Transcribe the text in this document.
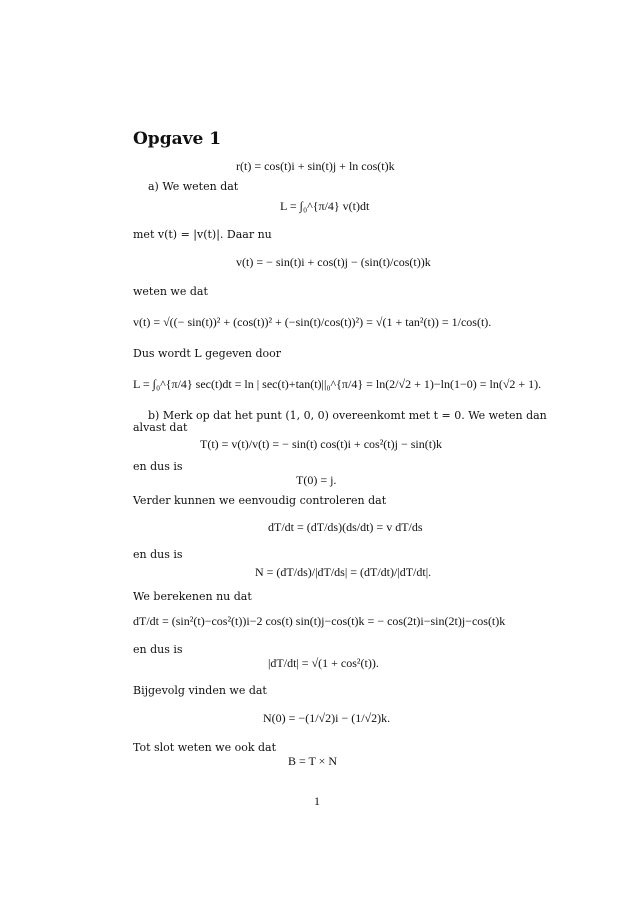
Opgave 1
r(t) = cos(t)i + sin(t)j + ln cos(t)k
a) We weten dat
L = ∫₀^{π/4} v(t)dt
met v(t) = |v(t)|. Daar nu
v(t) = − sin(t)i + cos(t)j − (sin(t)/cos(t))k
weten we dat
v(t) = √((− sin(t))² + (cos(t))² + (−sin(t)/cos(t))²) = √(1 + tan²(t)) = 1/cos(t).
Dus wordt L gegeven door
L = ∫₀^{π/4} sec(t)dt = ln | sec(t)+tan(t)||₀^{π/4} = ln(2/√2 + 1)−ln(1−0) = ln(√2 + 1).
b) Merk op dat het punt (1, 0, 0) overeenkomt met t = 0. We weten dan
alvast dat
T(t) = v(t)/v(t) = − sin(t) cos(t)i + cos²(t)j − sin(t)k
en dus is
T(0) = j.
Verder kunnen we eenvoudig controleren dat
dT/dt = (dT/ds)(ds/dt) = v dT/ds
en dus is
N = (dT/ds)/|dT/ds| = (dT/dt)/|dT/dt|.
We berekenen nu dat
dT/dt = (sin²(t)−cos²(t))i−2 cos(t) sin(t)j−cos(t)k = − cos(2t)i−sin(2t)j−cos(t)k
en dus is
|dT/dt| = √(1 + cos²(t)).
Bijgevolg vinden we dat
N(0) = −(1/√2)i − (1/√2)k.
Tot slot weten we ook dat
B = T × N
1
